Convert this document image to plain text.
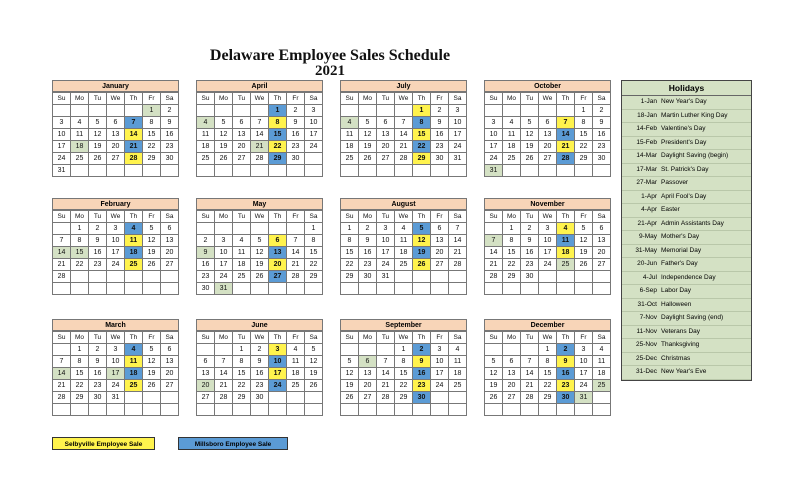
Delaware Employee Sales Schedule
2021
January
Su	Mo	Tu	We	Th	Fr	Sa
					1	2
3	4	5	6	7	8	9
10	11	12	13	14	15	16
17	18	19	20	21	22	23
24	25	26	27	28	29	30
31						
April
Su	Mo	Tu	We	Th	Fr	Sa
				1	2	3
4	5	6	7	8	9	10
11	12	13	14	15	16	17
18	19	20	21	22	23	24
25	26	27	28	29	30	

July
Su	Mo	Tu	We	Th	Fr	Sa
				1	2	3
4	5	6	7	8	9	10
11	12	13	14	15	16	17
18	19	20	21	22	23	24
25	26	27	28	29	30	31

October
Su	Mo	Tu	We	Th	Fr	Sa
					1	2
3	4	5	6	7	8	9
10	11	12	13	14	15	16
17	18	19	20	21	22	23
24	25	26	27	28	29	30
31						
February
Su	Mo	Tu	We	Th	Fr	Sa
	1	2	3	4	5	6
7	8	9	10	11	12	13
14	15	16	17	18	19	20
21	22	23	24	25	26	27
28						

May
Su	Mo	Tu	We	Th	Fr	Sa
						1
2	3	4	5	6	7	8
9	10	11	12	13	14	15
16	17	18	19	20	21	22
23	24	25	26	27	28	29
30	31					
August
Su	Mo	Tu	We	Th	Fr	Sa
1	2	3	4	5	6	7
8	9	10	11	12	13	14
15	16	17	18	19	20	21
22	23	24	25	26	27	28
29	30	31				

November
Su	Mo	Tu	We	Th	Fr	Sa
	1	2	3	4	5	6
7	8	9	10	11	12	13
14	15	16	17	18	19	20
21	22	23	24	25	26	27
28	29	30				

March
Su	Mo	Tu	We	Th	Fr	Sa
	1	2	3	4	5	6
7	8	9	10	11	12	13
14	15	16	17	18	19	20
21	22	23	24	25	26	27
28	29	30	31			

June
Su	Mo	Tu	We	Th	Fr	Sa
		1	2	3	4	5
6	7	8	9	10	11	12
13	14	15	16	17	18	19
20	21	22	23	24	25	26
27	28	29	30			

September
Su	Mo	Tu	We	Th	Fr	Sa
			1	2	3	4
5	6	7	8	9	10	11
12	13	14	15	16	17	18
19	20	21	22	23	24	25
26	27	28	29	30		

December
Su	Mo	Tu	We	Th	Fr	Sa
			1	2	3	4
5	6	7	8	9	10	11
12	13	14	15	16	17	18
19	20	21	22	23	24	25
26	27	28	29	30	31	

Holidays
1-Jan New Year's Day
18-Jan Martin Luther King Day
14-Feb Valentine's Day
15-Feb President's Day
14-Mar Daylight Saving (begin)
17-Mar St. Patrick's Day
27-Mar Passover
1-Apr April Fool's Day
4-Apr Easter
21-Apr Admin Assistants Day
9-May Mother's Day
31-May Memorial Day
20-Jun Father's Day
4-Jul Independence Day
6-Sep Labor Day
31-Oct Halloween
7-Nov Daylight Saving (end)
11-Nov Veterans Day
25-Nov Thanksgiving
25-Dec Christmas
31-Dec New Year's Eve
Selbyville Employee Sale	Millsboro Employee Sale
